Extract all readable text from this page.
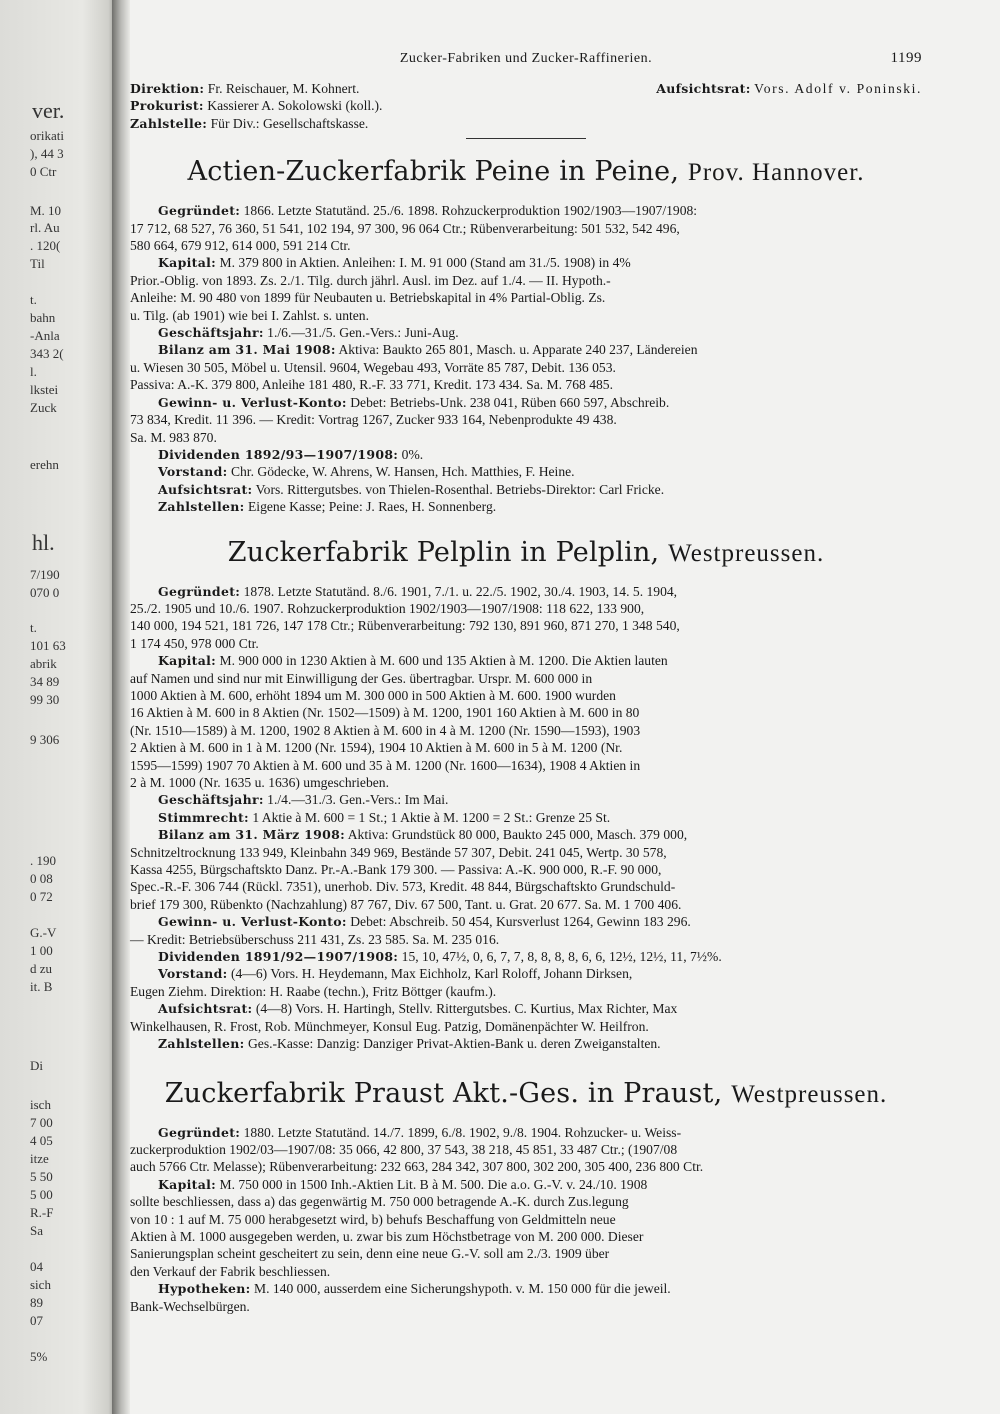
ver.
orikati
), 44 3
0 Ctr
M. 10
rl. Au
. 120(
Til
t.
bahn
-Anla
343 2(
l.
lkstei
Zuck
erehn
hl.
7/190
070 0
t.
101 63
abrik
34 89
99 30
9 306
. 190
0 08
0 72
G.-V
1 00
d zu
it. B
Di
isch
7 00
4 05
itze
5 50
5 00
R.-F
Sa
04
sich
89
07
5%
Zucker-Fabriken und Zucker-Raffinerien.	1199

Direktion: Fr. Reischauer, M. Kohnert.

Prokurist: Kassierer A. Sokolowski (koll.).

Zahlstelle: Für Div.: Gesellschaftskasse.

Aufsichtsrat: Vors. Adolf v. Poninski.

Actien-Zuckerfabrik Peine in Peine, Prov. Hannover.

Gegründet: 1866. Letzte Statutänd. 25./6. 1898. Rohzuckerproduktion 1902/1903—1907/1908:

17 712, 68 527, 76 360, 51 541, 102 194, 97 300, 96 064 Ctr.; Rübenverarbeitung: 501 532, 542 496,

580 664, 679 912, 614 000, 591 214 Ctr.

Kapital: M. 379 800 in Aktien. Anleihen: I. M. 91 000 (Stand am 31./5. 1908) in 4%

Prior.-Oblig. von 1893. Zs. 2./1. Tilg. durch jährl. Ausl. im Dez. auf 1./4. — II. Hypoth.-

Anleihe: M. 90 480 von 1899 für Neubauten u. Betriebskapital in 4% Partial-Oblig. Zs.

u. Tilg. (ab 1901) wie bei I. Zahlst. s. unten.

Geschäftsjahr: 1./6.—31./5. Gen.-Vers.: Juni-Aug.

Bilanz am 31. Mai 1908: Aktiva: Baukto 265 801, Masch. u. Apparate 240 237, Ländereien

u. Wiesen 30 505, Möbel u. Utensil. 9604, Wegebau 493, Vorräte 85 787, Debit. 136 053.

Passiva: A.-K. 379 800, Anleihe 181 480, R.-F. 33 771, Kredit. 173 434. Sa. M. 768 485.

Gewinn- u. Verlust-Konto: Debet: Betriebs-Unk. 238 041, Rüben 660 597, Abschreib.

73 834, Kredit. 11 396. — Kredit: Vortrag 1267, Zucker 933 164, Nebenprodukte 49 438.

Sa. M. 983 870.

Dividenden 1892/93—1907/1908: 0%.

Vorstand: Chr. Gödecke, W. Ahrens, W. Hansen, Hch. Matthies, F. Heine.

Aufsichtsrat: Vors. Rittergutsbes. von Thielen-Rosenthal. Betriebs-Direktor: Carl Fricke.

Zahlstellen: Eigene Kasse; Peine: J. Raes, H. Sonnenberg.

Zuckerfabrik Pelplin in Pelplin, Westpreussen.

Gegründet: 1878. Letzte Statutänd. 8./6. 1901, 7./1. u. 22./5. 1902, 30./4. 1903, 14. 5. 1904,

25./2. 1905 und 10./6. 1907. Rohzuckerproduktion 1902/1903—1907/1908: 118 622, 133 900,

140 000, 194 521, 181 726, 147 178 Ctr.; Rübenverarbeitung: 792 130, 891 960, 871 270, 1 348 540,

1 174 450, 978 000 Ctr.

Kapital: M. 900 000 in 1230 Aktien à M. 600 und 135 Aktien à M. 1200. Die Aktien lauten

auf Namen und sind nur mit Einwilligung der Ges. übertragbar. Urspr. M. 600 000 in

1000 Aktien à M. 600, erhöht 1894 um M. 300 000 in 500 Aktien à M. 600. 1900 wurden

16 Aktien à M. 600 in 8 Aktien (Nr. 1502—1509) à M. 1200, 1901 160 Aktien à M. 600 in 80

(Nr. 1510—1589) à M. 1200, 1902 8 Aktien à M. 600 in 4 à M. 1200 (Nr. 1590—1593), 1903

2 Aktien à M. 600 in 1 à M. 1200 (Nr. 1594), 1904 10 Aktien à M. 600 in 5 à M. 1200 (Nr.

1595—1599) 1907 70 Aktien à M. 600 und 35 à M. 1200 (Nr. 1600—1634), 1908 4 Aktien in

2 à M. 1000 (Nr. 1635 u. 1636) umgeschrieben.

Geschäftsjahr: 1./4.—31./3. Gen.-Vers.: Im Mai.

Stimmrecht: 1 Aktie à M. 600 = 1 St.; 1 Aktie à M. 1200 = 2 St.: Grenze 25 St.

Bilanz am 31. März 1908: Aktiva: Grundstück 80 000, Baukto 245 000, Masch. 379 000,

Schnitzeltrocknung 133 949, Kleinbahn 349 969, Bestände 57 307, Debit. 241 045, Wertp. 30 578,

Kassa 4255, Bürgschaftskto Danz. Pr.-A.-Bank 179 300. — Passiva: A.-K. 900 000, R.-F. 90 000,

Spec.-R.-F. 306 744 (Rückl. 7351), unerhob. Div. 573, Kredit. 48 844, Bürgschaftskto Grundschuld-

brief 179 300, Rübenkto (Nachzahlung) 87 767, Div. 67 500, Tant. u. Grat. 20 677. Sa. M. 1 700 406.

Gewinn- u. Verlust-Konto: Debet: Abschreib. 50 454, Kursverlust 1264, Gewinn 183 296.

— Kredit: Betriebsüberschuss 211 431, Zs. 23 585. Sa. M. 235 016.

Dividenden 1891/92—1907/1908: 15, 10, 47½, 0, 6, 7, 7, 8, 8, 8, 8, 6, 6, 12½, 12½, 11, 7½%.

Vorstand: (4—6) Vors. H. Heydemann, Max Eichholz, Karl Roloff, Johann Dirksen,

Eugen Ziehm. Direktion: H. Raabe (techn.), Fritz Böttger (kaufm.).

Aufsichtsrat: (4—8) Vors. H. Hartingh, Stellv. Rittergutsbes. C. Kurtius, Max Richter, Max

Winkelhausen, R. Frost, Rob. Münchmeyer, Konsul Eug. Patzig, Domänenpächter W. Heilfron.

Zahlstellen: Ges.-Kasse: Danzig: Danziger Privat-Aktien-Bank u. deren Zweiganstalten.

Zuckerfabrik Praust Akt.-Ges. in Praust, Westpreussen.

Gegründet: 1880. Letzte Statutänd. 14./7. 1899, 6./8. 1902, 9./8. 1904. Rohzucker- u. Weiss-

zuckerproduktion 1902/03—1907/08: 35 066, 42 800, 37 543, 38 218, 45 851, 33 487 Ctr.; (1907/08

auch 5766 Ctr. Melasse); Rübenverarbeitung: 232 663, 284 342, 307 800, 302 200, 305 400, 236 800 Ctr.

Kapital: M. 750 000 in 1500 Inh.-Aktien Lit. B à M. 500. Die a.o. G.-V. v. 24./10. 1908

sollte beschliessen, dass a) das gegenwärtig M. 750 000 betragende A.-K. durch Zus.legung

von 10 : 1 auf M. 75 000 herabgesetzt wird, b) behufs Beschaffung von Geldmitteln neue

Aktien à M. 1000 ausgegeben werden, u. zwar bis zum Höchstbetrage von M. 200 000. Dieser

Sanierungsplan scheint gescheitert zu sein, denn eine neue G.-V. soll am 2./3. 1909 über

den Verkauf der Fabrik beschliessen.

Hypotheken: M. 140 000, ausserdem eine Sicherungshypoth. v. M. 150 000 für die jeweil.

Bank-Wechselbürgen.
